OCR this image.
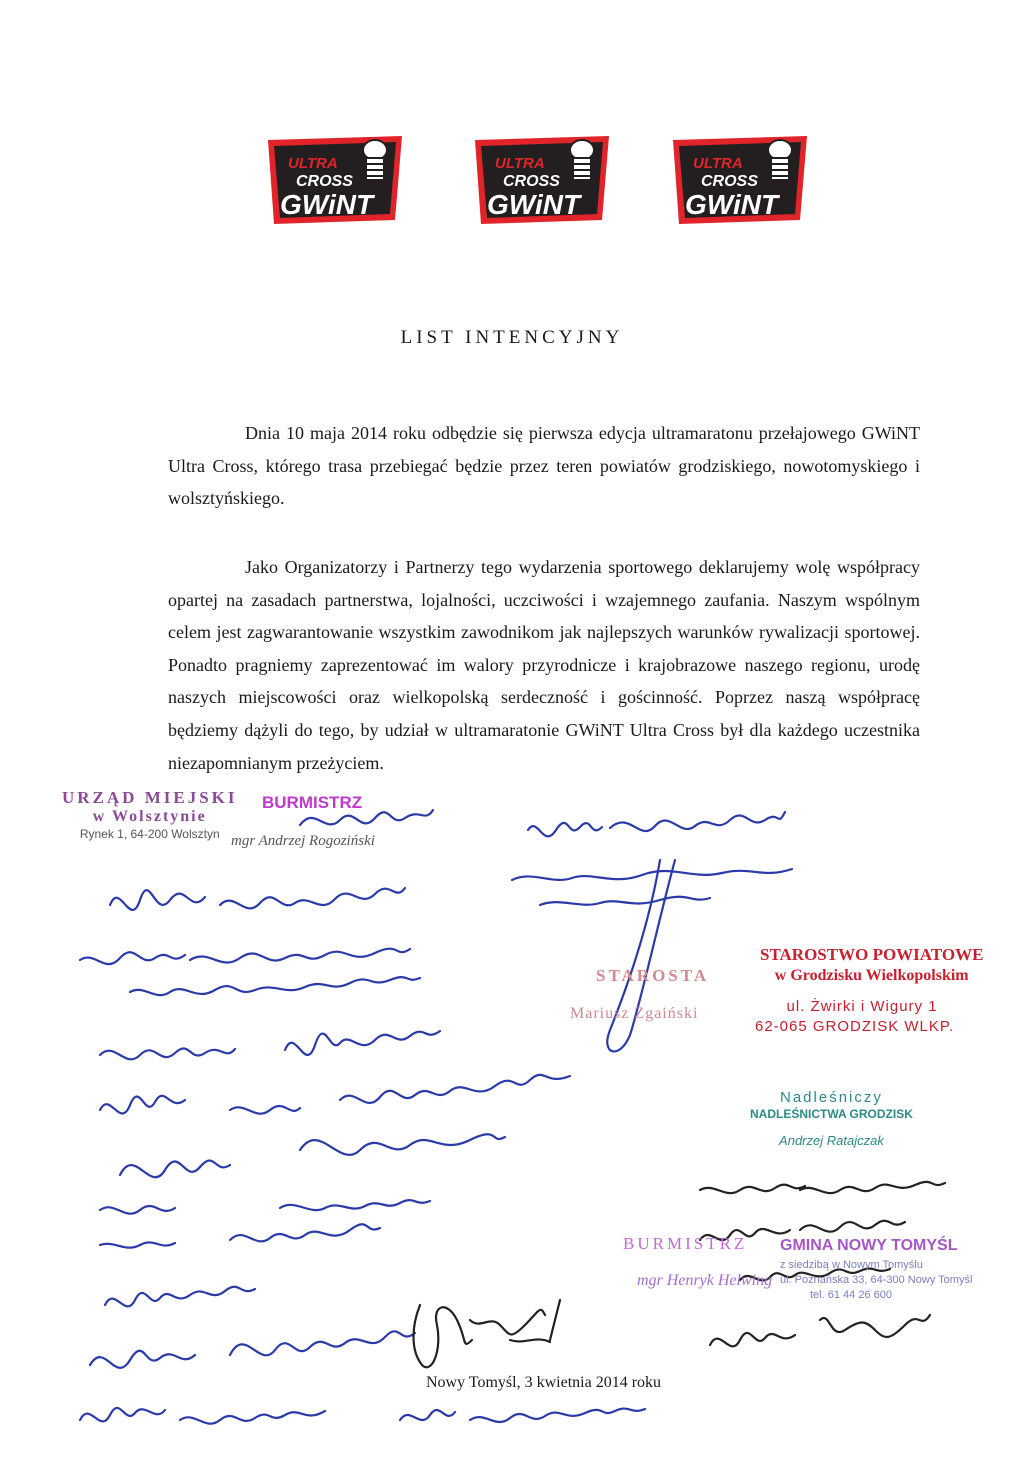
ULTRA
CROSS
GWiNT
ULTRA
CROSS
GWiNT
ULTRA
CROSS
GWiNT
LIST INTENCYJNY

Dnia 10 maja 2014 roku odbędzie się pierwsza edycja ultramaratonu przełajowego GWiNT Ultra Cross, którego trasa przebiegać będzie przez teren powiatów grodziskiego, nowotomyskiego i wolsztyńskiego.

Jako Organizatorzy i Partnerzy tego wydarzenia sportowego deklarujemy wolę współpracy opartej na zasadach partnerstwa, lojalności, uczciwości i wzajemnego zaufania. Naszym wspólnym celem jest zagwarantowanie wszystkim zawodnikom jak najlepszych warunków rywalizacji sportowej. Ponadto pragniemy zaprezentować im walory przyrodnicze i krajobrazowe naszego regionu, urodę naszych miejscowości oraz wielkopolską serdeczność i gościnność. Poprzez naszą współpracę będziemy dążyli do tego, by udział w ultramaratonie GWiNT Ultra Cross był dla każdego uczestnika niezapomnianym przeżyciem.

URZĄD MIEJSKI
w Wolsztynie
Rynek 1, 64-200 Wolsztyn
BURMISTRZ
mgr Andrzej Rogoziński
STAROSTA
Mariusz Zgaiński
STAROSTWO POWIATOWE
w Grodzisku Wielkopolskim
ul. Żwirki i Wigury 1
62-065 GRODZISK WLKP.
Nadleśniczy
NADLEŚNICTWA GRODZISK
Andrzej Ratajczak
BURMISTRZ GMINA NOWY TOMYŚL
mgr Henryk Helwing
z siedzibą w Nowym Tomyślu
ul. Poznańska 33, 64-300 Nowy Tomyśl
tel. 61 44 26 600
Nowy Tomyśl, 3 kwietnia 2014 roku
